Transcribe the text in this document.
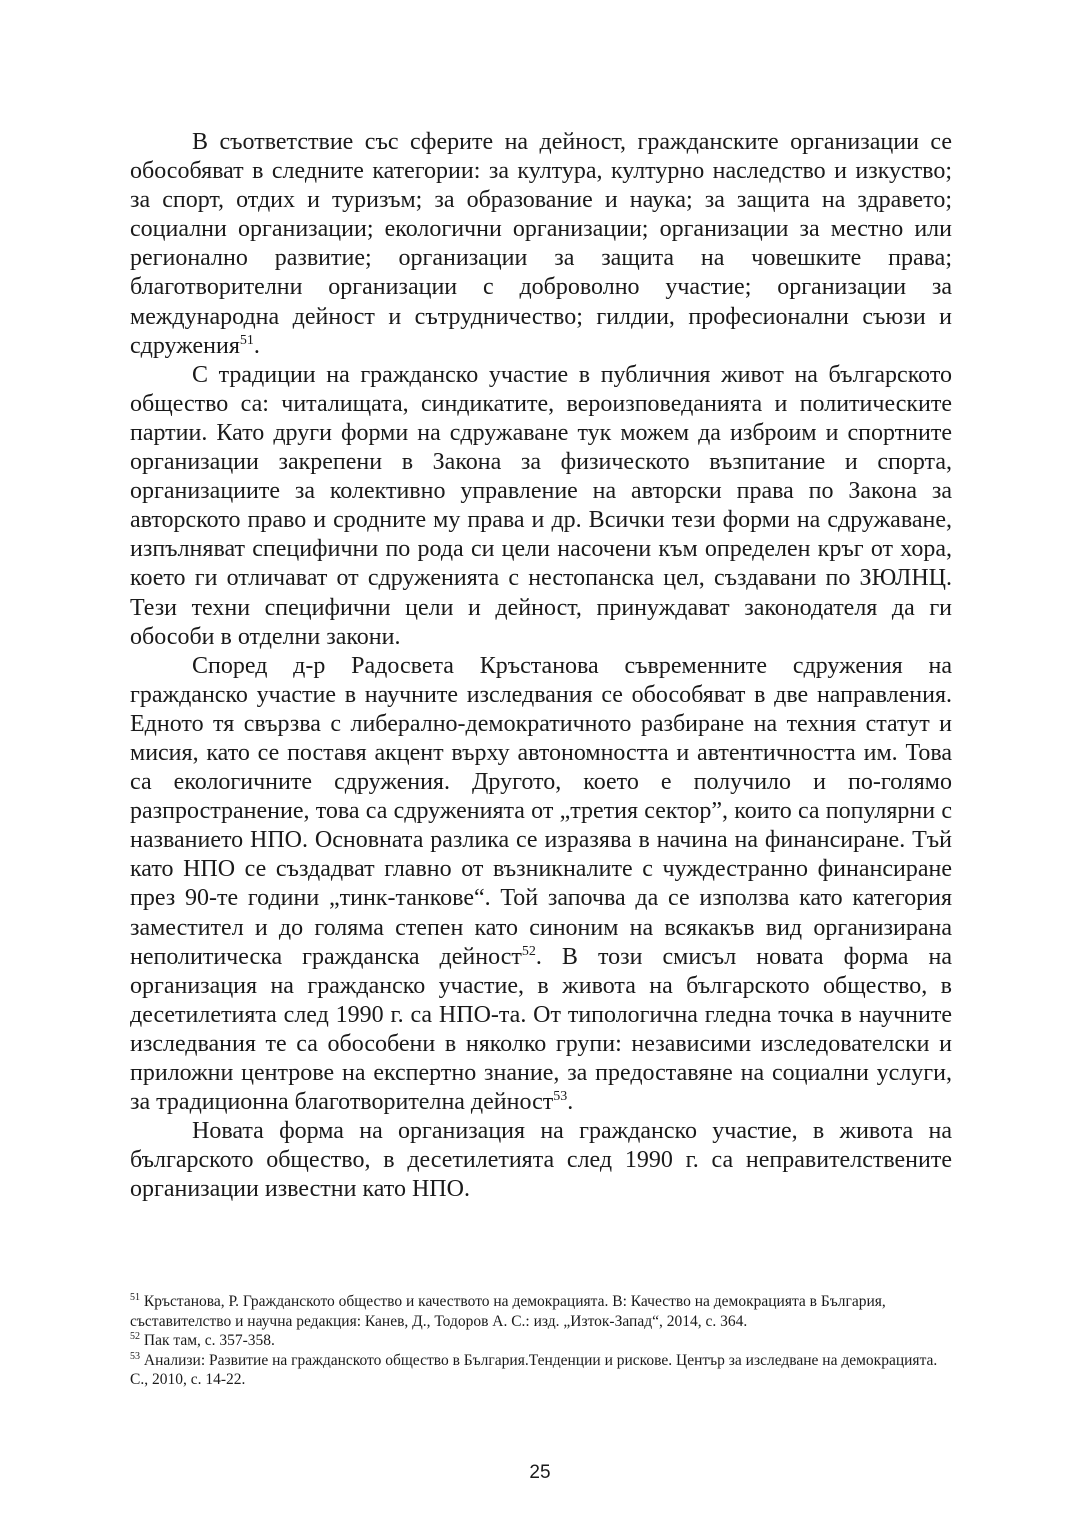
В съответствие със сферите на дейност, гражданските организации се обособяват в следните категории: за култура, културно наследство и изкуство; за спорт, отдих и туризъм; за образование и наука; за защита на здравето; социални организации; екологични организации; организации за местно или регионално развитие; организации за защита на човешките права; благотворителни организации с доброволно участие; организации за международна дейност и сътрудничество; гилдии, професионални съюзи и сдружения$^{51}$.

С традиции на гражданско участие в публичния живот на българското общество са: читалищата, синдикатите, вероизповеданията и политическите партии. Като други форми на сдружаване тук можем да изброим и спортните организации закрепени в Закона за физическото възпитание и спорта, организациите за колективно управление на авторски права по Закона за авторското право и сродните му права и др. Всички тези форми на сдружаване, изпълняват специфични по рода си цели насочени към определен кръг от хора, което ги отличават от сдруженията с нестопанска цел, създавани по ЗЮЛНЦ. Тези техни специфични цели и дейност, принуждават законодателя да ги обособи в отделни закони.

Според д-р Радосвета Кръстанова съвременните сдружения на гражданско участие в научните изследвания се обособяват в две направления. Едното тя свързва с либерално-демократичното разбиране на техния статут и мисия, като се поставя акцент върху автономността и автентичността им. Това са екологичните сдружения. Другото, което е получило и по-голямо разпространение, това са сдруженията от „третия сектор”, които са популярни с названието НПО. Основната разлика се изразява в начина на финансиране. Тъй като НПО се създадват главно от възникналите с чуждестранно финансиране през 90-те години „тинк-танкове“. Той започва да се използва като категория заместител и до голяма степен като синоним на всякакъв вид организирана неполитическа гражданска дейност$^{52}$. В този смисъл новата форма на организация на гражданско участие, в живота на българското общество, в десетилетията след 1990 г. са НПО-та. От типологична гледна точка в научните изследвания те са обособени в няколко групи: независими изследователски и приложни центрове на експертно знание, за предоставяне на социални услуги, за традиционна благотворителна дейност$^{53}$.

Новата форма на организация на гражданско участие, в живота на българското общество, в десетилетията след 1990 г. са неправителствените организации известни като НПО.

$^{51}$ Кръстанова, Р. Гражданското общество и качеството на демокрацията. В: Качество на демокрацията в България, съставителство и научна редакция: Канев, Д., Тодоров А. С.: изд. „Изток-Запад“, 2014, с. 364.

$^{52}$ Пак там, с. 357-358.

$^{53}$ Анализи: Развитие на гражданското общество в България.Тенденции и рискове. Център за изследване на демокрацията. С., 2010, с. 14-22.

25
